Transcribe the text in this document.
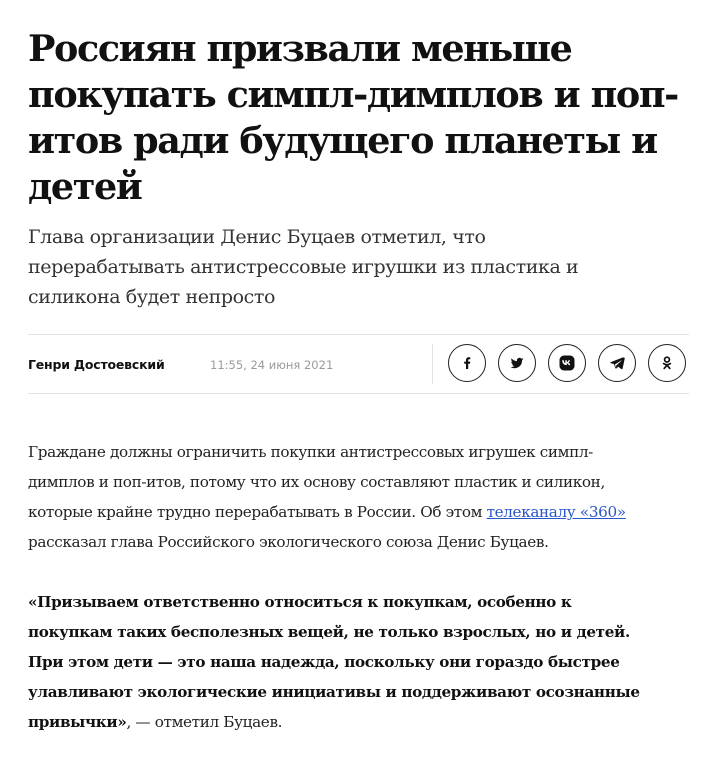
Россиян призвали меньше
покупать симпл-димплов и поп-
итов ради будущего планеты и
детей

Глава организации Денис Буцаев отметил, что
перерабатывать антистрессовые игрушки из пластика и
силикона будет непросто

Генри Достоевский	11:55, 24 июня 2021

Граждане должны ограничить покупки антистрессовых игрушек симпл-
димплов и поп-итов, потому что их основу составляют пластик и силикон,
которые крайне трудно перерабатывать в России. Об этом телеканалу «360»
рассказал глава Российского экологического союза Денис Буцаев.

«Призываем ответственно относиться к покупкам, особенно к
покупкам таких бесполезных вещей, не только взрослых, но и детей.
При этом дети — это наша надежда, поскольку они гораздо быстрее
улавливают экологические инициативы и поддерживают осознанные
привычки», — отметил Буцаев.
